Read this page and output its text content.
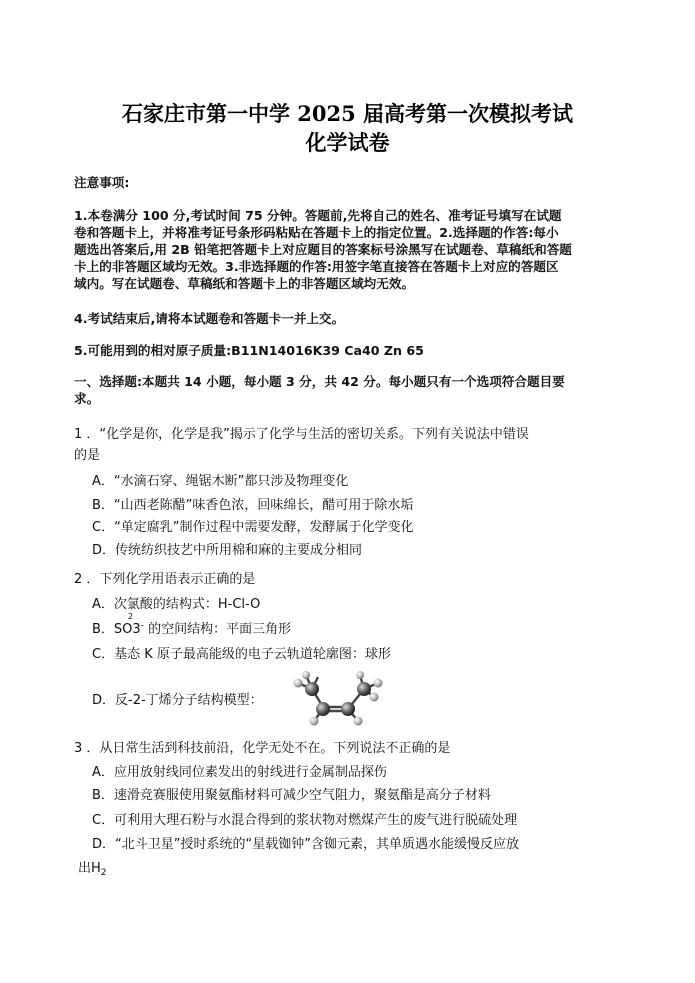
石家庄市第一中学 2025 届高考第一次模拟考试
化学试卷
注意事项:
1.本卷满分 100 分,考试时间 75 分钟。答题前,先将自己的姓名、准考证号填写在试题
卷和答题卡上，并将准考证号条形码粘贴在答题卡上的指定位置。2.选择题的作答:每小
题选出答案后,用 2B 铅笔把答题卡上对应题目的答案标号涂黑写在试题卷、草稿纸和答题
卡上的非答题区域均无效。3.非选择题的作答:用签字笔直接答在答题卡上对应的答题区
域内。写在试题卷、草稿纸和答题卡上的非答题区域均无效。
4.考试结束后,请将本试题卷和答题卡一并上交。
5.可能用到的相对原子质量:B11N14016K39 Ca40 Zn 65
一、选择题:本题共 14 小题，每小题 3 分，共 42 分。每小题只有一个选项符合题目要
求。
1 ．“化学是你，化学是我”揭示了化学与生活的密切关系。下列有关说法中错误
的是
A．“水滴石穿、绳锯木断”都只涉及物理变化
B．“山西老陈醋”味香色浓，回味绵长，醋可用于除水垢
C．“单定腐乳”制作过程中需要发酵，发酵属于化学变化
D．传统纺织技艺中所用棉和麻的主要成分相同
2 ．下列化学用语表示正确的是
A．次氯酸的结构式：H-Cl-O
B．SO3
2
- 的空间结构：平面三角形
C．基态 K 原子最高能级的电子云轨道轮廓图：球形
D．反-2-丁烯分子结构模型：
3 ．从日常生活到科技前沿，化学无处不在。下列说法不正确的是
A．应用放射线同位素发出的射线进行金属制品探伤
B．速滑竞赛服使用聚氨酯材料可减少空气阻力，聚氨酯是高分子材料
C．可利用大理石粉与水混合得到的浆状物对燃煤产生的废气进行脱硫处理
D．“北斗卫星”授时系统的“星载铷钟”含铷元素，其单质遇水能缓慢反应放
出$H_2$
